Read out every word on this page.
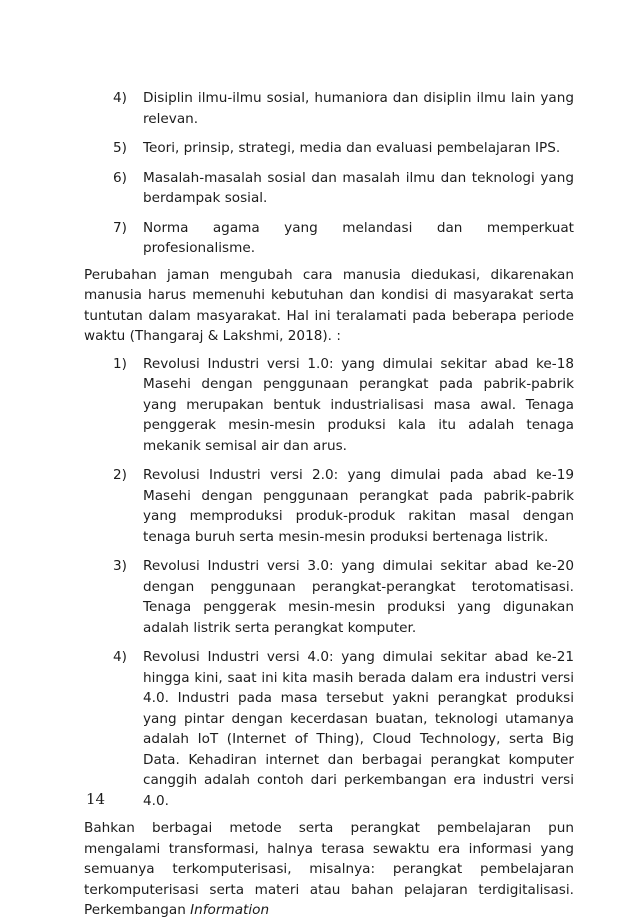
4)	Disiplin ilmu-ilmu sosial, humaniora dan disiplin ilmu lain yang relevan.
5)	Teori, prinsip, strategi, media dan evaluasi pembelajaran IPS.
6)	Masalah-masalah sosial dan masalah ilmu dan teknologi yang berdampak sosial.
7)	Norma agama yang melandasi dan memperkuat profesionalisme.

Perubahan jaman mengubah cara manusia diedukasi, dikarenakan manusia harus memenuhi kebutuhan dan kondisi di masyarakat serta tuntutan dalam masyarakat. Hal ini teralamati pada beberapa periode waktu (Thangaraj & Lakshmi, 2018). :

1)	Revolusi Industri versi 1.0: yang dimulai sekitar abad ke-18 Masehi dengan penggunaan perangkat pada pabrik-pabrik yang merupakan bentuk industrialisasi masa awal. Tenaga penggerak mesin-mesin produksi kala itu adalah tenaga mekanik semisal air dan arus.
2)	Revolusi Industri versi 2.0: yang dimulai pada abad ke-19 Masehi dengan penggunaan perangkat pada pabrik-pabrik yang memproduksi produk-produk rakitan masal dengan tenaga buruh serta mesin-mesin produksi bertenaga listrik.
3)	Revolusi Industri versi 3.0: yang dimulai sekitar abad ke-20 dengan penggunaan perangkat-perangkat terotomatisasi. Tenaga penggerak mesin-mesin produksi yang digunakan adalah listrik serta perangkat komputer.
4)	Revolusi Industri versi 4.0: yang dimulai sekitar abad ke-21 hingga kini, saat ini kita masih berada dalam era industri versi 4.0. Industri pada masa tersebut yakni perangkat produksi yang pintar dengan kecerdasan buatan, teknologi utamanya adalah IoT (Internet of Thing), Cloud Technology, serta Big Data. Kehadiran internet dan berbagai perangkat komputer canggih adalah contoh dari perkembangan era industri versi 4.0.

Bahkan berbagai metode serta perangkat pembelajaran pun mengalami transformasi, halnya terasa sewaktu era informasi yang semuanya terkomputerisasi, misalnya: perangkat pembelajaran terkomputerisasi serta materi atau bahan pelajaran terdigitalisasi. Perkembangan Information

14
